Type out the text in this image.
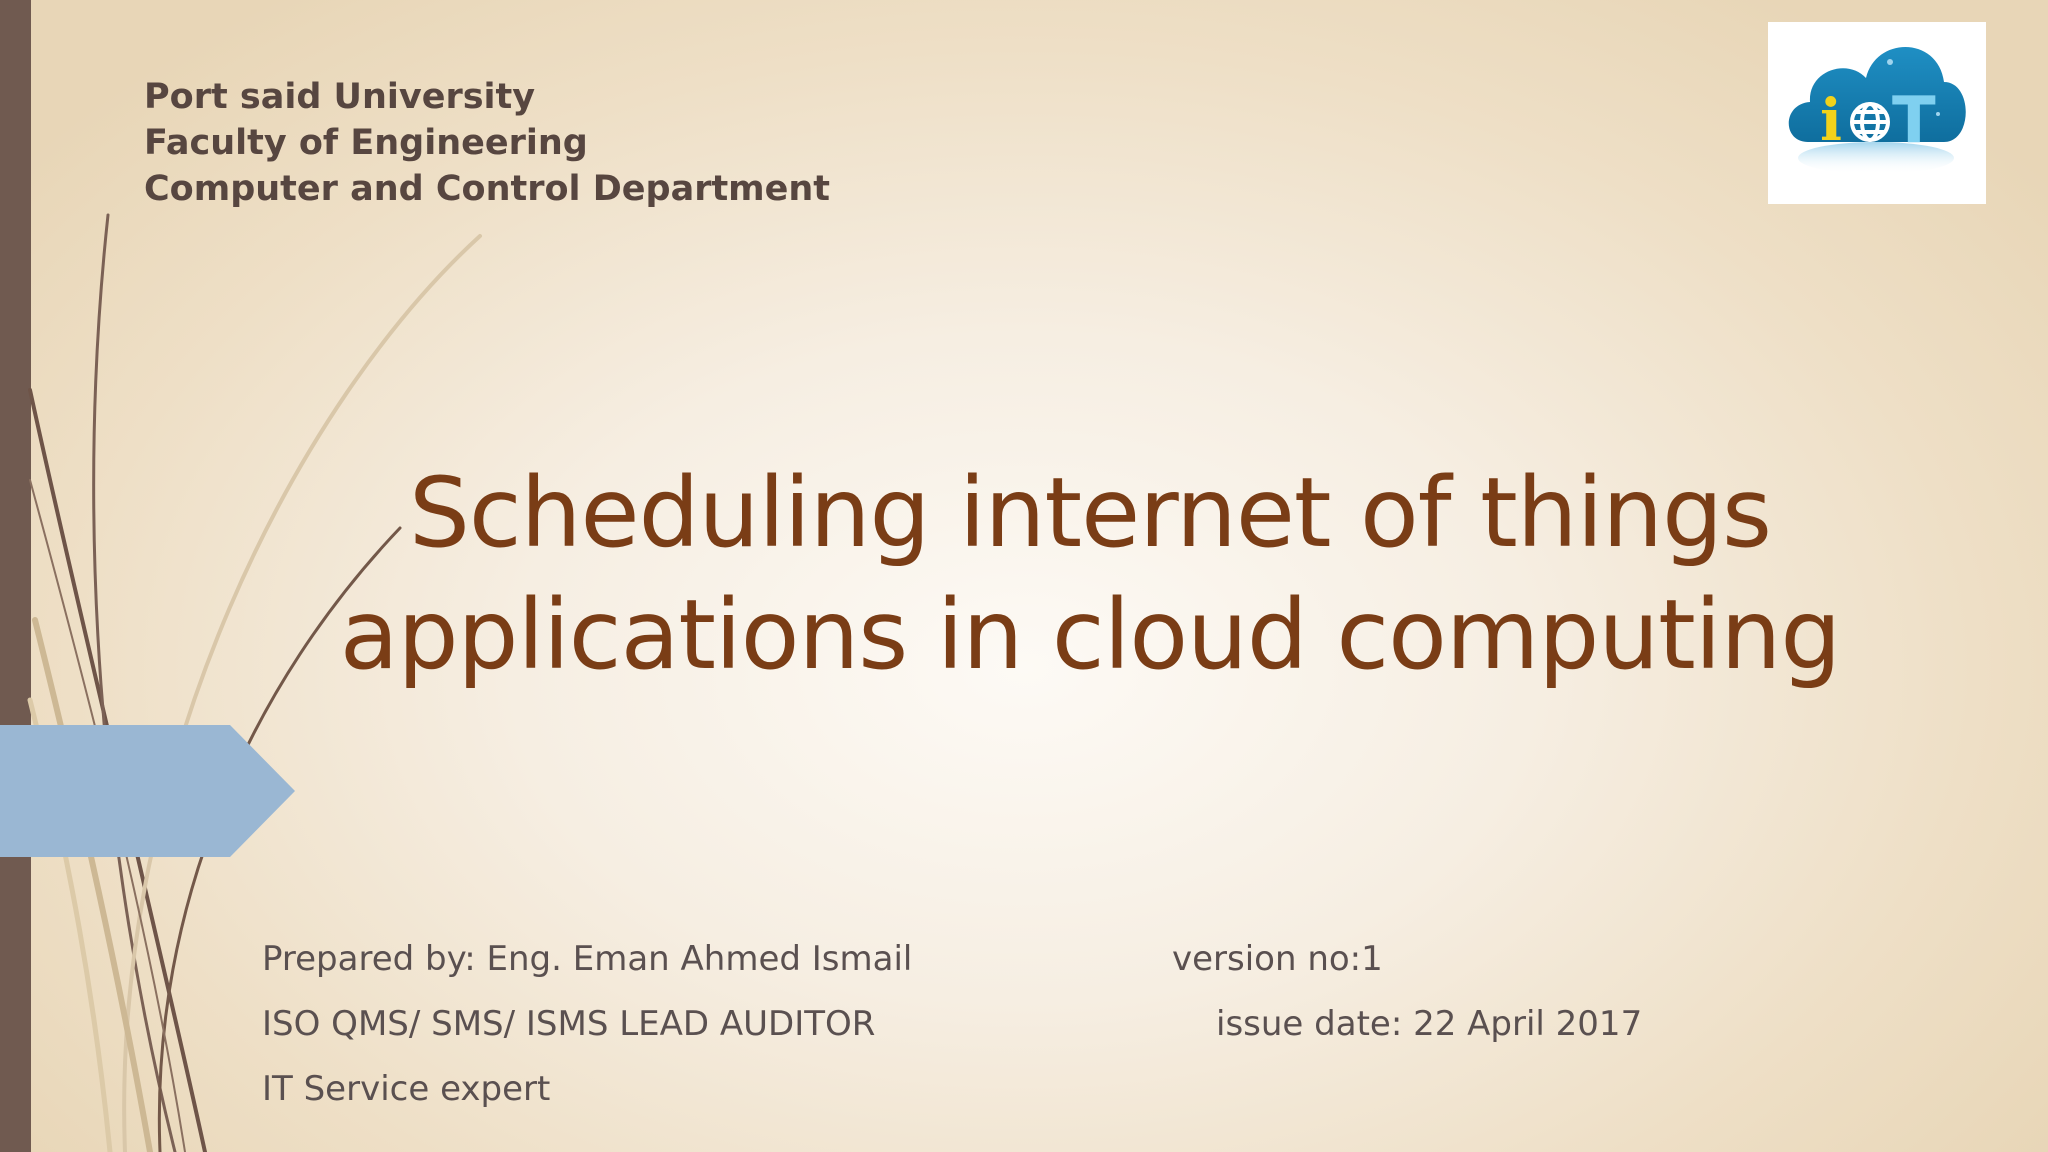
Port said University
Faculty of Engineering
Computer and Control Department
i T
Scheduling internet of things
applications in cloud computing
Prepared by: Eng. Eman Ahmed Ismail
ISO QMS/ SMS/ ISMS LEAD AUDITOR
IT Service expert
version no:1
issue date: 22 April 2017
